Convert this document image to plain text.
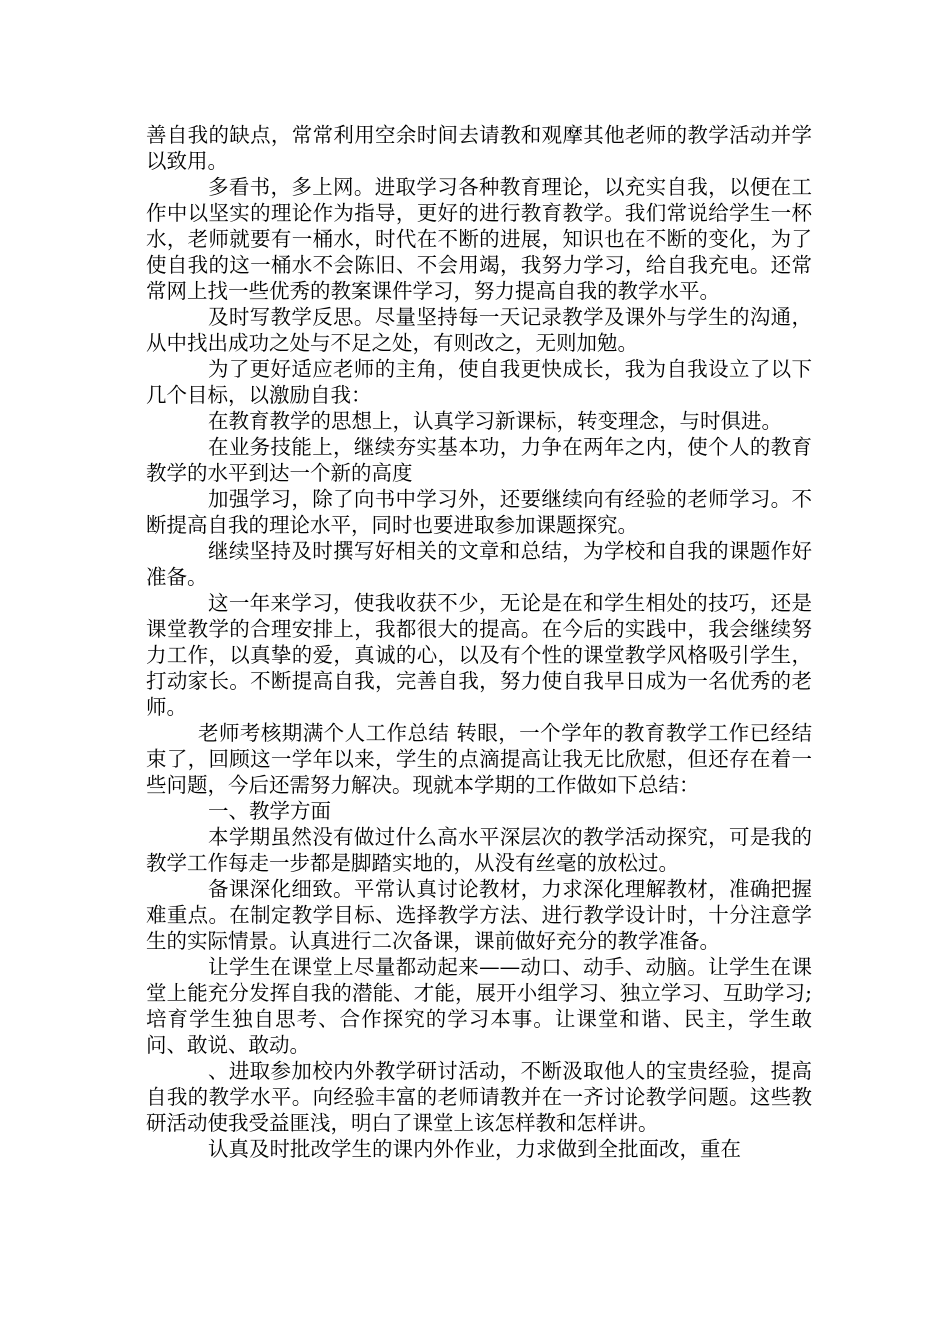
善自我的缺点，常常利用空余时间去请教和观摩其他老师的教学活动并学以致用。

多看书，多上网。进取学习各种教育理论，以充实自我，以便在工作中以坚实的理论作为指导，更好的进行教育教学。我们常说给学生一杯水，老师就要有一桶水，时代在不断的进展，知识也在不断的变化，为了使自我的这一桶水不会陈旧、不会用竭，我努力学习，给自我充电。还常常网上找一些优秀的教案课件学习，努力提高自我的教学水平。

及时写教学反思。尽量坚持每一天记录教学及课外与学生的沟通，从中找出成功之处与不足之处，有则改之，无则加勉。

为了更好适应老师的主角，使自我更快成长，我为自我设立了以下几个目标，以激励自我：

在教育教学的思想上，认真学习新课标，转变理念，与时俱进。

在业务技能上，继续夯实基本功，力争在两年之内，使个人的教育教学的水平到达一个新的高度

加强学习，除了向书中学习外，还要继续向有经验的老师学习。不断提高自我的理论水平，同时也要进取参加课题探究。

继续坚持及时撰写好相关的文章和总结，为学校和自我的课题作好准备。

这一年来学习，使我收获不少，无论是在和学生相处的技巧，还是课堂教学的合理安排上，我都很大的提高。在今后的实践中，我会继续努力工作，以真挚的爱，真诚的心，以及有个性的课堂教学风格吸引学生，打动家长。不断提高自我，完善自我，努力使自我早日成为一名优秀的老师。

老师考核期满个人工作总结 转眼，一个学年的教育教学工作已经结束了，回顾这一学年以来，学生的点滴提高让我无比欣慰，但还存在着一些问题，今后还需努力解决。现就本学期的工作做如下总结：

一、教学方面

本学期虽然没有做过什么高水平深层次的教学活动探究，可是我的教学工作每走一步都是脚踏实地的，从没有丝毫的放松过。

备课深化细致。平常认真讨论教材，力求深化理解教材，准确把握难重点。在制定教学目标、选择教学方法、进行教学设计时，十分注意学生的实际情景。认真进行二次备课，课前做好充分的教学准备。

让学生在课堂上尽量都动起来——动口、动手、动脑。让学生在课堂上能充分发挥自我的潜能、才能，展开小组学习、独立学习、互助学习;培育学生独自思考、合作探究的学习本事。让课堂和谐、民主，学生敢问、敢说、敢动。

、进取参加校内外教学研讨活动，不断汲取他人的宝贵经验，提高自我的教学水平。向经验丰富的老师请教并在一齐讨论教学问题。这些教研活动使我受益匪浅，明白了课堂上该怎样教和怎样讲。

认真及时批改学生的课内外作业，力求做到全批面改，重在
